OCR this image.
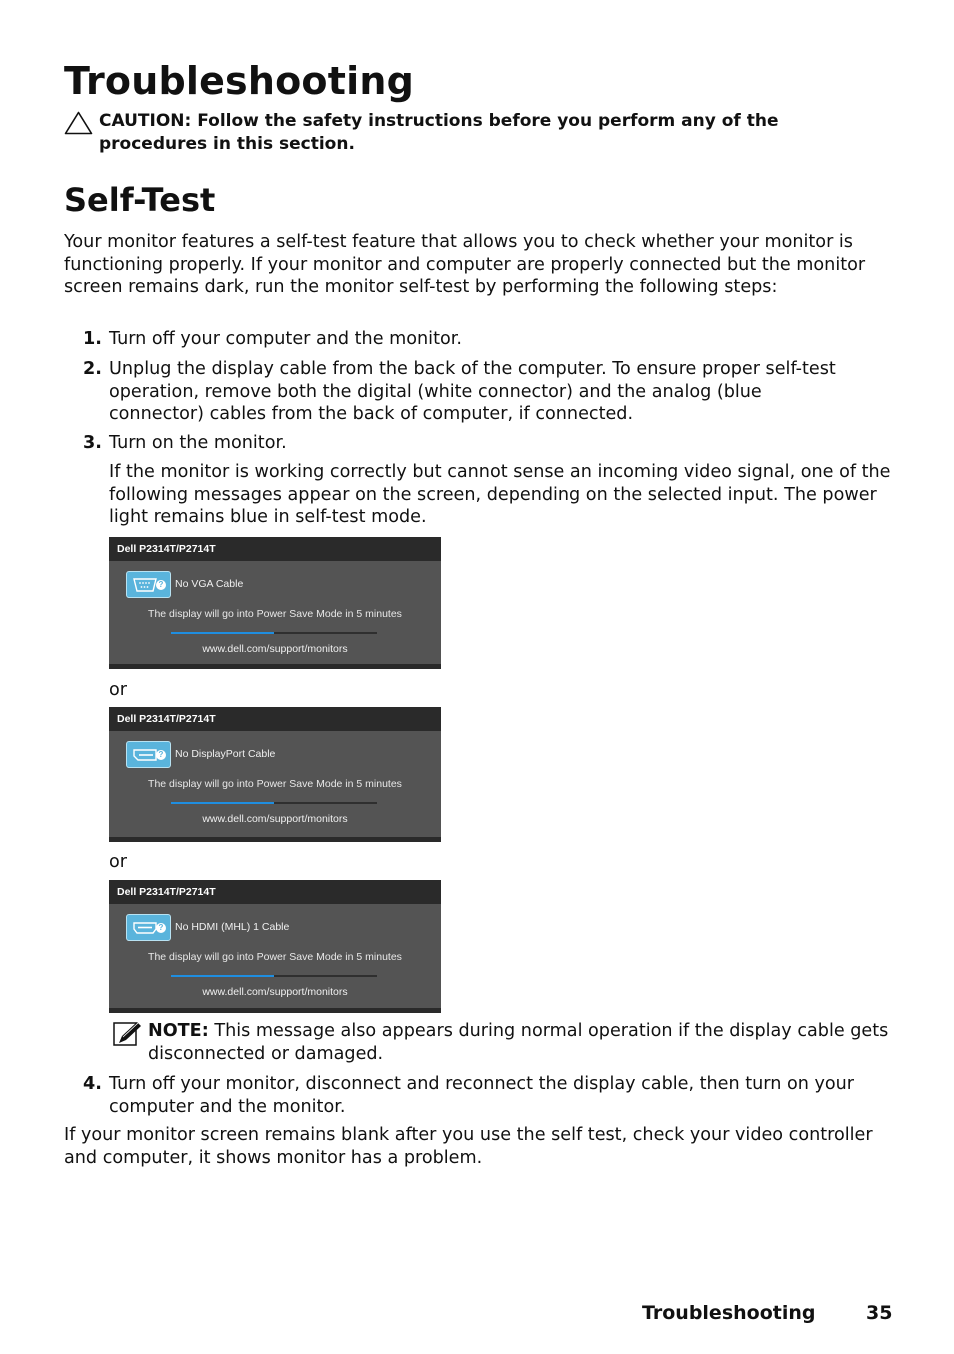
Troubleshooting
CAUTION: Follow the safety instructions before you perform any of the procedures in this section.
Self-Test

Your monitor features a self-test feature that allows you to check whether your monitor is functioning properly. If your monitor and computer are properly connected but the monitor screen remains dark, run the monitor self-test by performing the following steps:

1. Turn off your computer and the monitor.
2. Unplug the display cable from the back of the computer. To ensure proper self-test operation, remove both the digital (white connector) and the analog (blue connector) cables from the back of computer, if connected.
3. Turn on the monitor.
If the monitor is working correctly but cannot sense an incoming video signal, one of the following messages appear on the screen, depending on the selected input. The power light remains blue in self-test mode.
Dell P2314T/P2714T
? No VGA Cable
The display will go into Power Save Mode in 5 minutes
www.dell.com/support/monitors
or
Dell P2314T/P2714T
? No DisplayPort Cable
The display will go into Power Save Mode in 5 minutes
www.dell.com/support/monitors
or
Dell P2314T/P2714T
? No HDMI (MHL) 1 Cable
The display will go into Power Save Mode in 5 minutes
www.dell.com/support/monitors
NOTE: This message also appears during normal operation if the display cable gets disconnected or damaged.
4. Turn off your monitor, disconnect and reconnect the display cable, then turn on your computer and the monitor.

If your monitor screen remains blank after you use the self test, check your video controller and computer, it shows monitor has a problem.

Troubleshooting	35
